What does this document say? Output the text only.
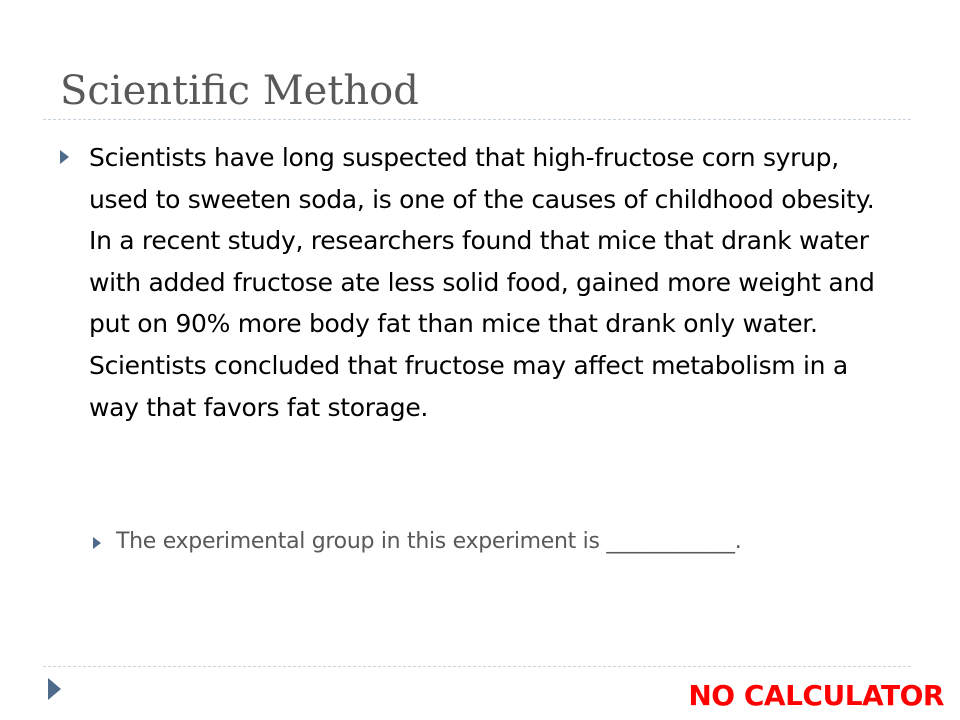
Scientific Method

Scientists have long suspected that high-fructose corn syrup, used to sweeten soda, is one of the causes of childhood obesity. In a recent study, researchers found that mice that drank water with added fructose ate less solid food, gained more weight and put on 90% more body fat than mice that drank only water. Scientists concluded that fructose may affect metabolism in a way that favors fat storage.

The experimental group in this experiment is ____________.

NO CALCULATOR
